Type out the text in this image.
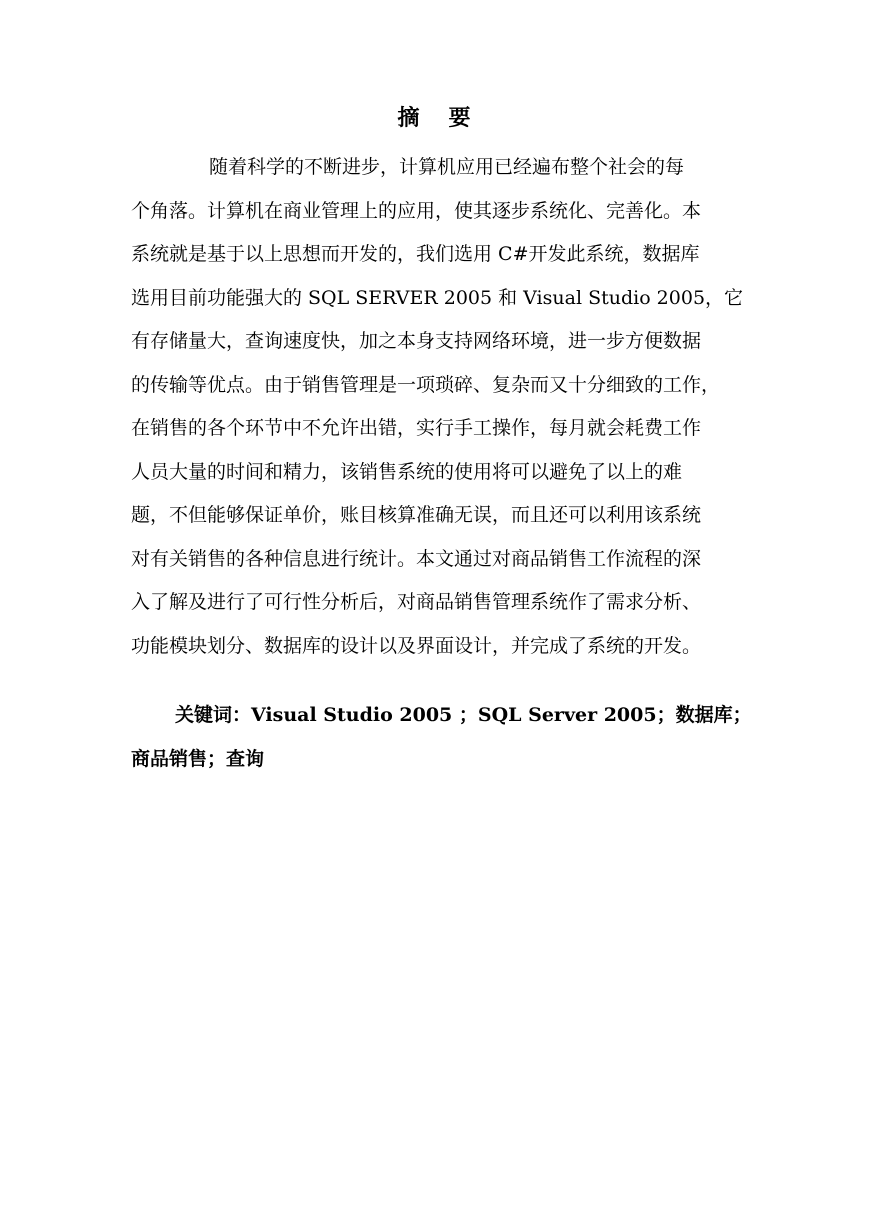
摘 要
随着科学的不断进步，计算机应用已经遍布整个社会的每
个角落。计算机在商业管理上的应用，使其逐步系统化、完善化。本
系统就是基于以上思想而开发的，我们选用 C#开发此系统，数据库
选用目前功能强大的 SQL SERVER 2005 和 Visual Studio 2005，它
有存储量大，查询速度快，加之本身支持网络环境，进一步方便数据
的传输等优点。由于销售管理是一项琐碎、复杂而又十分细致的工作，
在销售的各个环节中不允许出错，实行手工操作，每月就会耗费工作
人员大量的时间和精力，该销售系统的使用将可以避免了以上的难
题，不但能够保证单价，账目核算准确无误，而且还可以利用该系统
对有关销售的各种信息进行统计。本文通过对商品销售工作流程的深
入了解及进行了可行性分析后，对商品销售管理系统作了需求分析、
功能模块划分、数据库的设计以及界面设计，并完成了系统的开发。
关键词：Visual Studio 2005 ；SQL Server 2005；数据库；
商品销售；查询
